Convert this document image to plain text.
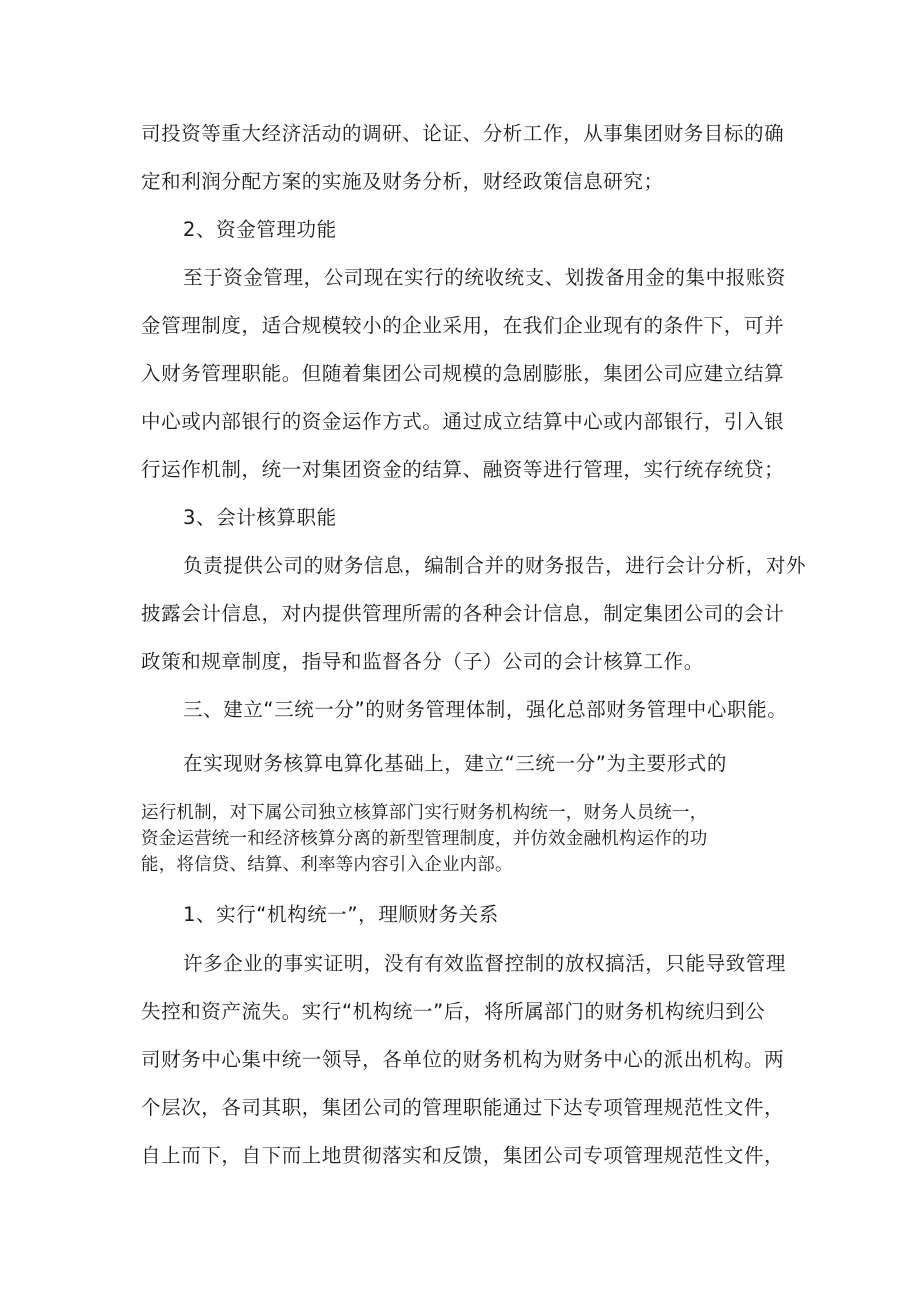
司投资等重大经济活动的调研、论证、分析工作，从事集团财务目标的确
定和利润分配方案的实施及财务分析，财经政策信息研究；
2、资金管理功能
至于资金管理，公司现在实行的统收统支、划拨备用金的集中报账资
金管理制度，适合规模较小的企业采用，在我们企业现有的条件下，可并
入财务管理职能。但随着集团公司规模的急剧膨胀，集团公司应建立结算
中心或内部银行的资金运作方式。通过成立结算中心或内部银行，引入银
行运作机制，统一对集团资金的结算、融资等进行管理，实行统存统贷；
3、会计核算职能
负责提供公司的财务信息，编制合并的财务报告，进行会计分析，对外
披露会计信息，对内提供管理所需的各种会计信息，制定集团公司的会计
政策和规章制度，指导和监督各分（子）公司的会计核算工作。
三、建立“三统一分”的财务管理体制，强化总部财务管理中心职能。
在实现财务核算电算化基础上，建立“三统一分”为主要形式的
运行机制，对下属公司独立核算部门实行财务机构统一，财务人员统一，
资金运营统一和经济核算分离的新型管理制度，并仿效金融机构运作的功
能，将信贷、结算、利率等内容引入企业内部。
1、实行“机构统一”，理顺财务关系
许多企业的事实证明，没有有效监督控制的放权搞活，只能导致管理
失控和资产流失。实行“机构统一”后，将所属部门的财务机构统归到公
司财务中心集中统一领导，各单位的财务机构为财务中心的派出机构。两
个层次，各司其职，集团公司的管理职能通过下达专项管理规范性文件，
自上而下，自下而上地贯彻落实和反馈，集团公司专项管理规范性文件，
